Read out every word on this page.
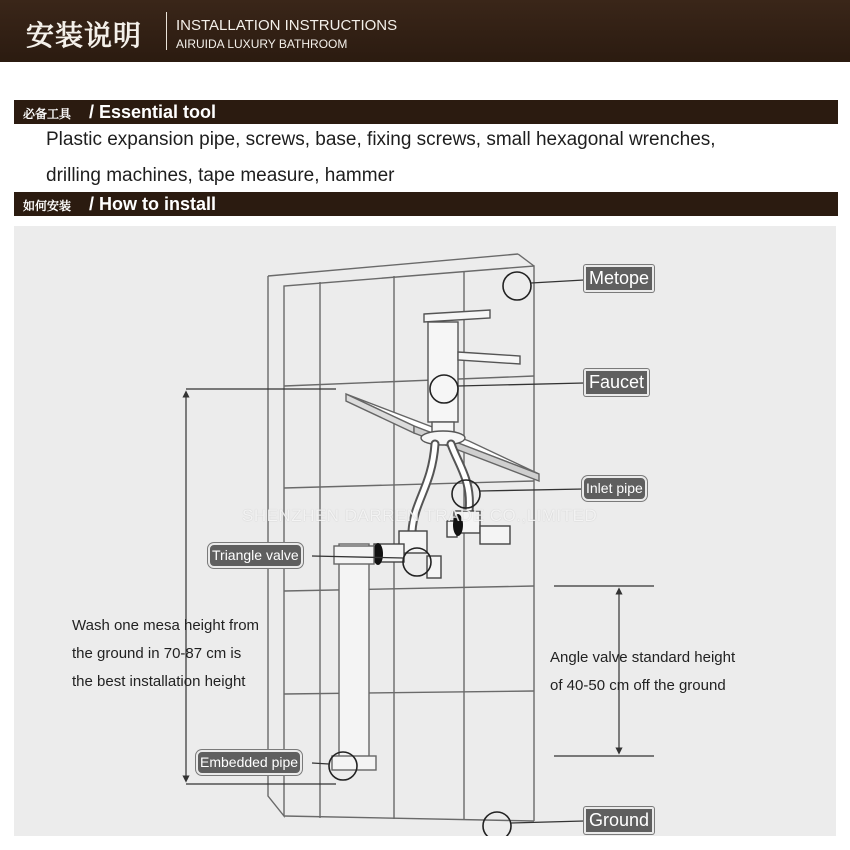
安装说明 INSTALLATION INSTRUCTIONS
AIRUIDA LUXURY BATHROOM
必备工具 / Essential tool
Plastic expansion pipe, screws, base, fixing screws, small hexagonal wrenches,
drilling machines, tape measure, hammer
如何安装 / How to install
Metope
Faucet
Inlet pipe
Triangle valve
Embedded pipe
Ground
Wash one mesa height from
the ground in 70-87 cm is
the best installation height
Angle valve standard height
of 40-50 cm off the ground
SHENZHEN DARREN TRADE CO.,LIMITED
